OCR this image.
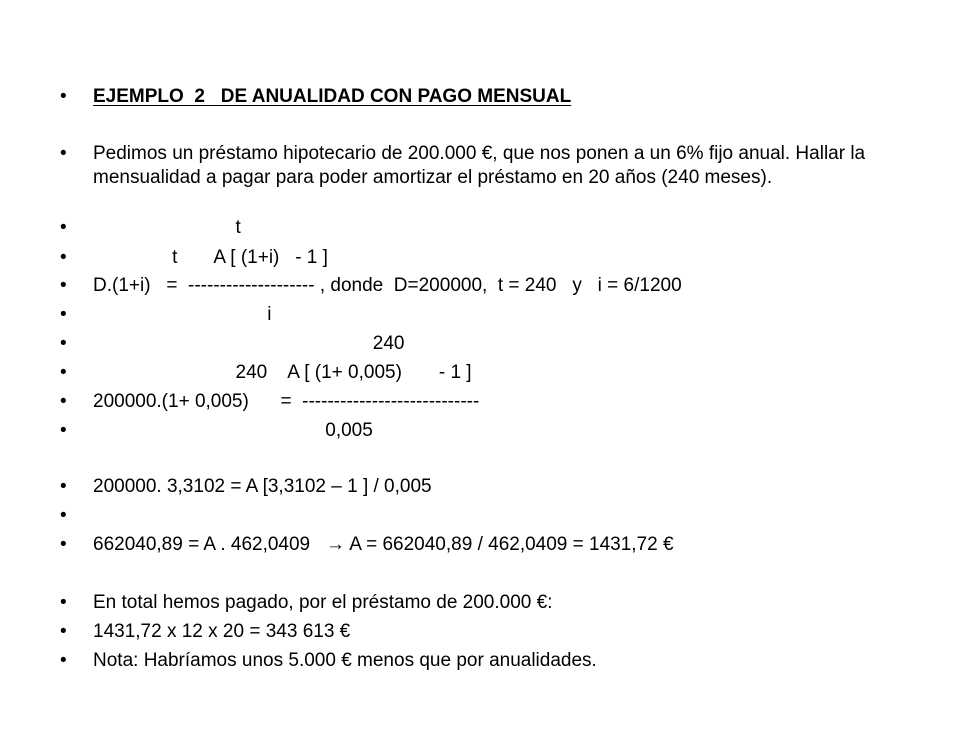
•

	EJEMPLO  2   DE ANUALIDAD CON PAGO MENSUAL

•	Pedimos un préstamo hipotecario de 200.000 €, que nos ponen a un 6% fijo anual. Hallar la mensualidad a pagar para poder amortizar el préstamo en 20 años (240 meses).

•

	t

•

	t       A [ (1+i)   - 1 ]

•

	D.(1+i)   =  -------------------- , donde  D=200000,  t = 240   y   i = 6/1200

•

	i

•

	240

•

	240    A [ (1+ 0,005)       - 1 ]

•

	200000.(1+ 0,005)      =  ----------------------------

•

	0,005

•

	200000. 3,3102 = A [3,3102 – 1 ] / 0,005

•

•

	662040,89 = A . 462,0409   → A = 662040,89 / 462,0409 = 1431,72 €

•

	En total hemos pagado, por el préstamo de 200.000 €:

•

	1431,72 x 12 x 20 = 343 613 €

•

	Nota: Habríamos unos 5.000 € menos que por anualidades.
